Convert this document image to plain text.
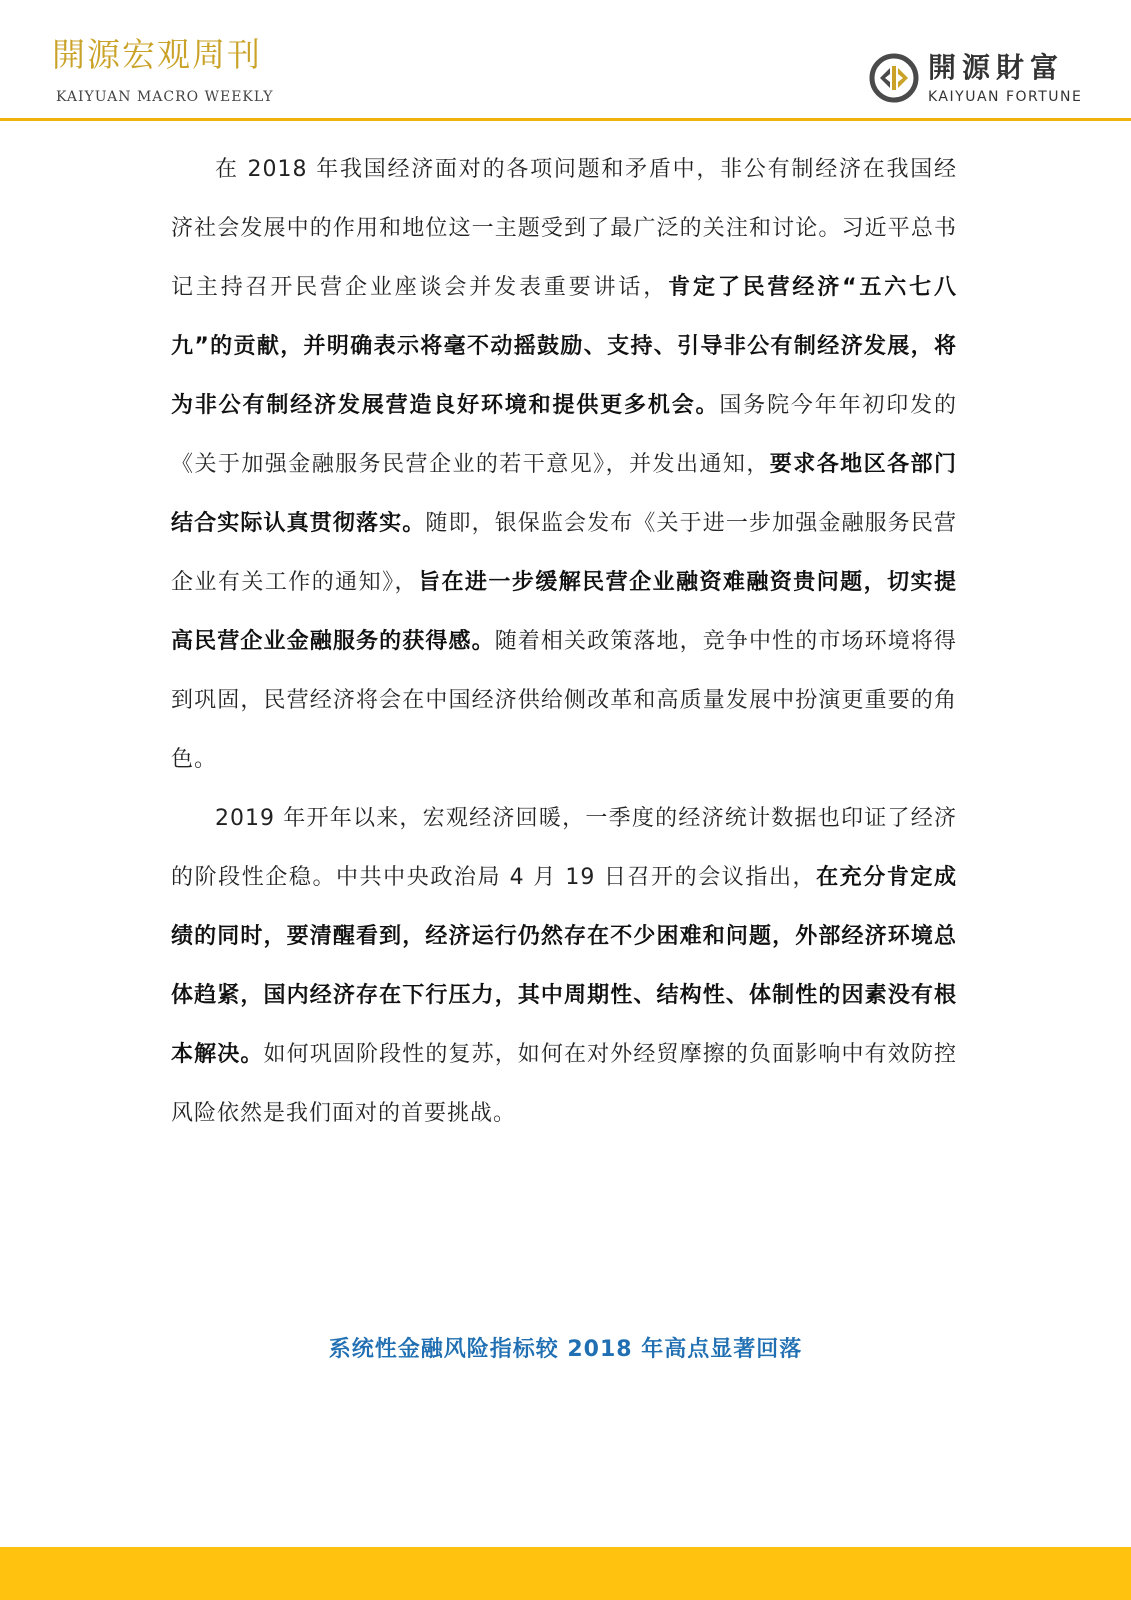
開源宏观周刊
KAIYUAN MACRO WEEKLY
開源財富
KAIYUAN FORTUNE

在 2018 年我国经济面对的各项问题和矛盾中，非公有制经济在我国经济社会发展中的作用和地位这一主题受到了最广泛的关注和讨论。习近平总书记主持召开民营企业座谈会并发表重要讲话，肯定了民营经济“五六七八九”的贡献，并明确表示将毫不动摇鼓励、支持、引导非公有制经济发展，将为非公有制经济发展营造良好环境和提供更多机会。国务院今年年初印发的《关于加强金融服务民营企业的若干意见》，并发出通知，要求各地区各部门结合实际认真贯彻落实。随即，银保监会发布《关于进一步加强金融服务民营企业有关工作的通知》，旨在进一步缓解民营企业融资难融资贵问题，切实提高民营企业金融服务的获得感。随着相关政策落地，竞争中性的市场环境将得到巩固，民营经济将会在中国经济供给侧改革和高质量发展中扮演更重要的角色。

2019 年开年以来，宏观经济回暖，一季度的经济统计数据也印证了经济的阶段性企稳。中共中央政治局 4 月 19 日召开的会议指出，在充分肯定成绩的同时，要清醒看到，经济运行仍然存在不少困难和问题，外部经济环境总体趋紧，国内经济存在下行压力，其中周期性、结构性、体制性的因素没有根本解决。如何巩固阶段性的复苏，如何在对外经贸摩擦的负面影响中有效防控风险依然是我们面对的首要挑战。

系统性金融风险指标较 2018 年高点显著回落
